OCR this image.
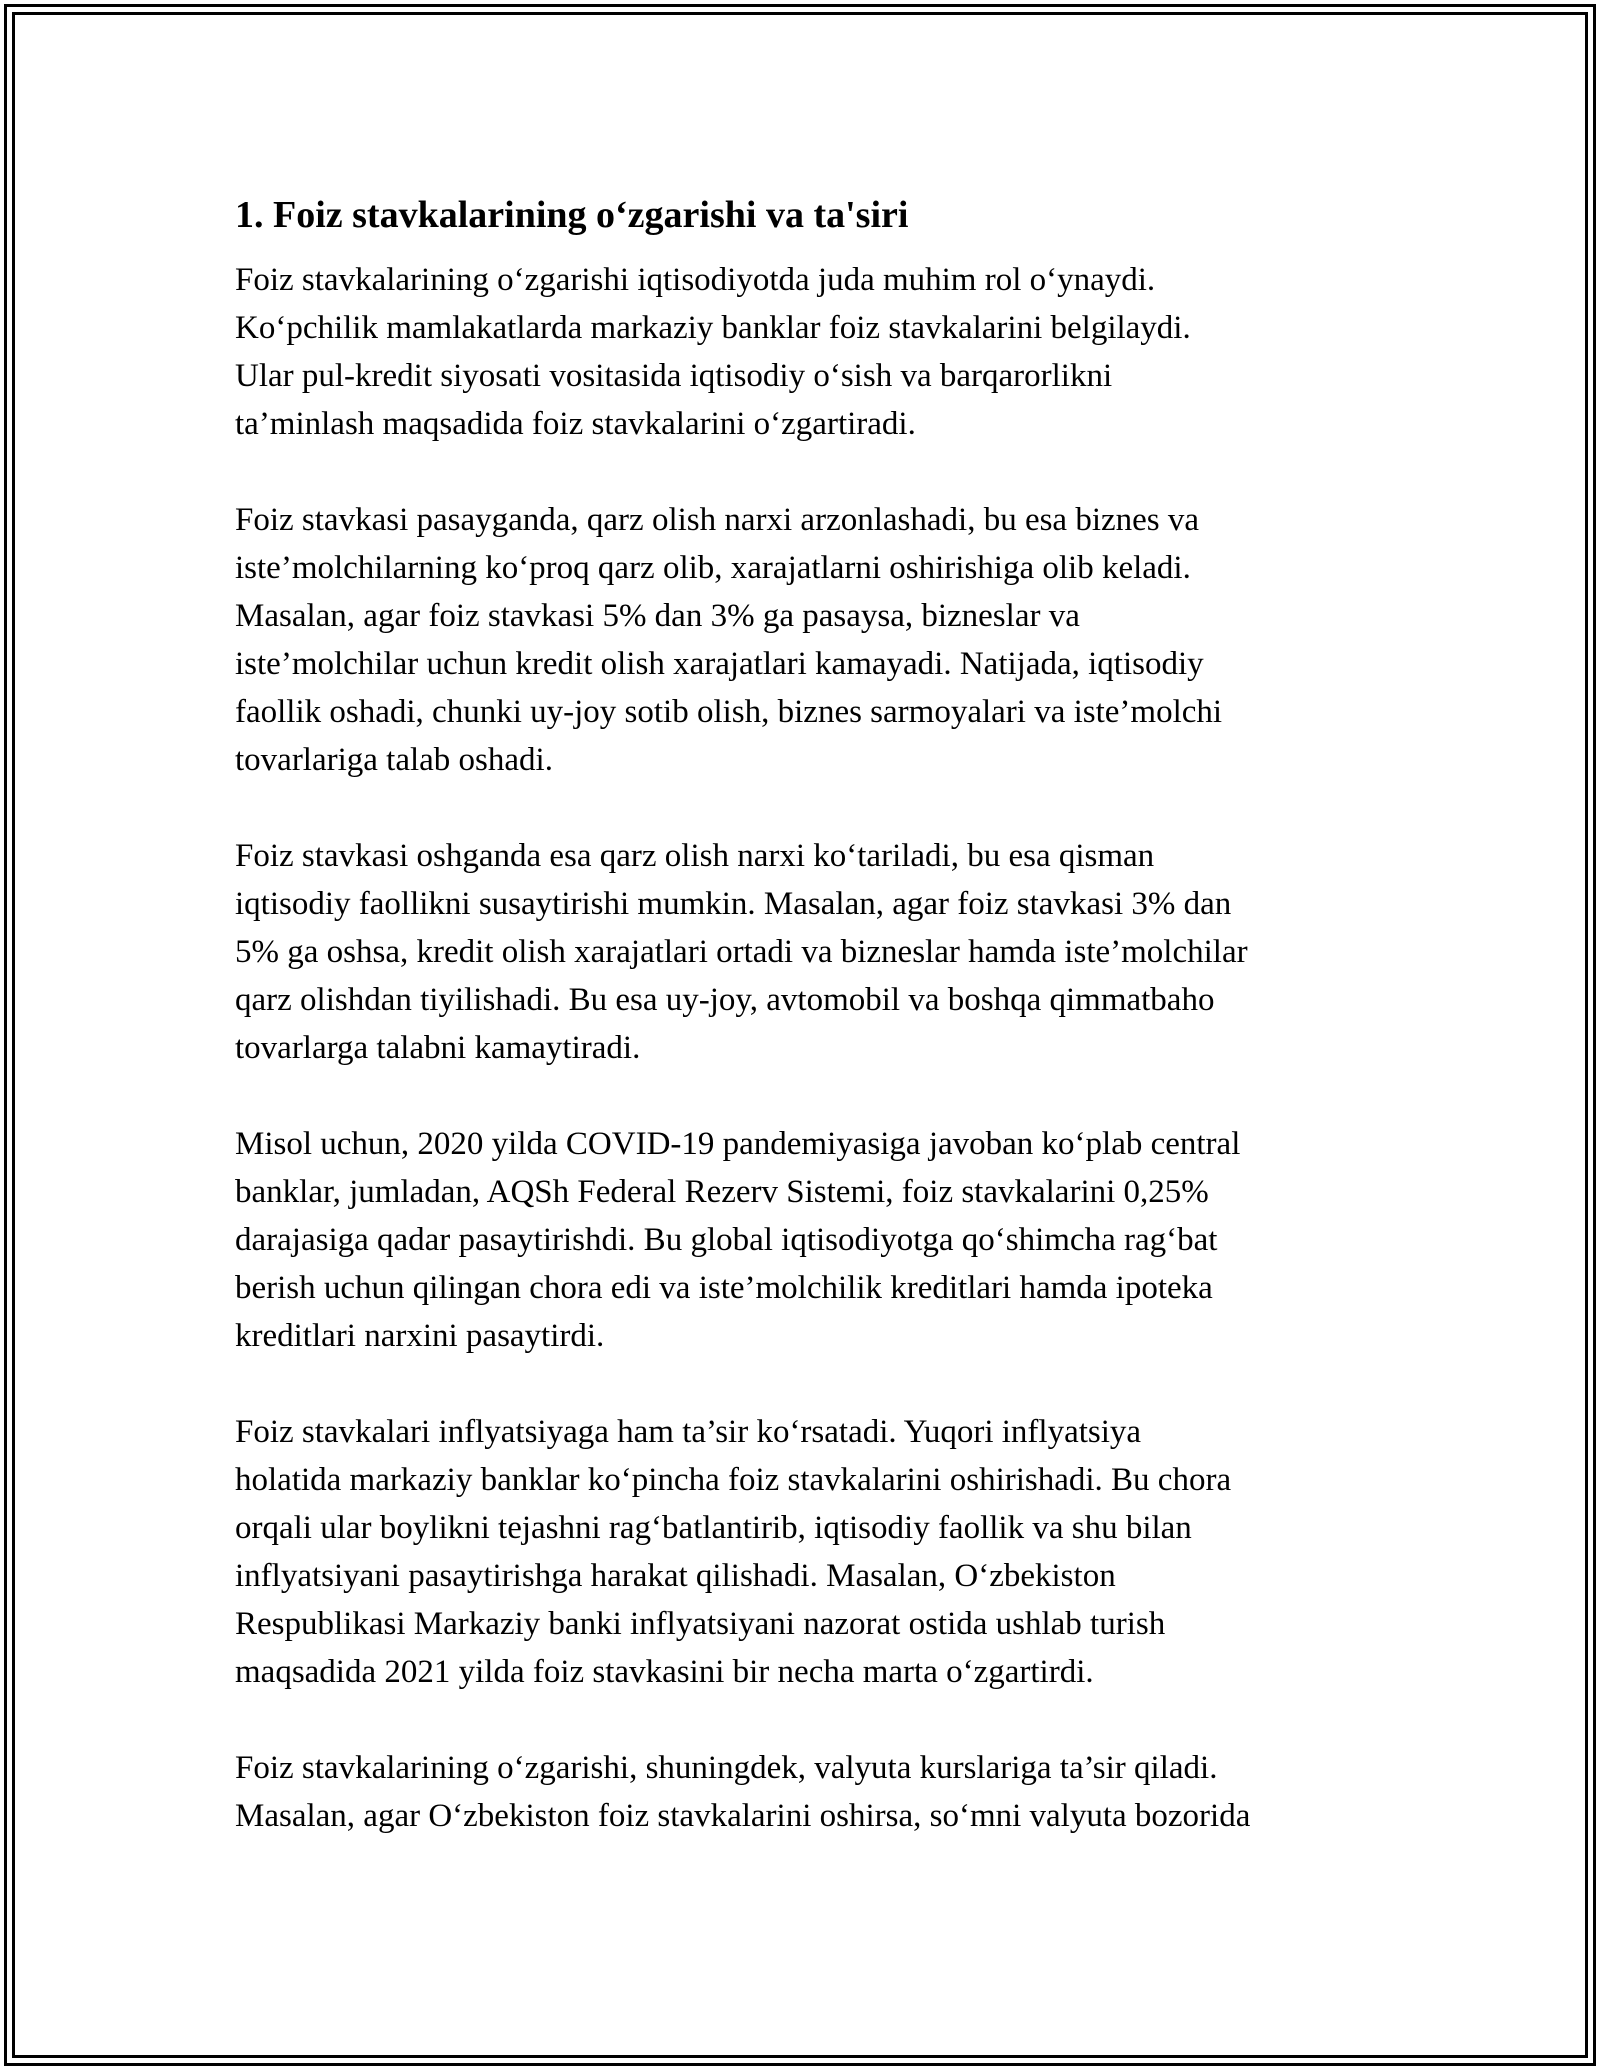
1. Foiz stavkalarining o‘zgarishi va ta'siri

Foiz stavkalarining o‘zgarishi iqtisodiyotda juda muhim rol o‘ynaydi.
Ko‘pchilik mamlakatlarda markaziy banklar foiz stavkalarini belgilaydi.
Ular pul-kredit siyosati vositasida iqtisodiy o‘sish va barqarorlikni
ta’minlash maqsadida foiz stavkalarini o‘zgartiradi.

Foiz stavkasi pasayganda, qarz olish narxi arzonlashadi, bu esa biznes va
iste’molchilarning ko‘proq qarz olib, xarajatlarni oshirishiga olib keladi.
Masalan, agar foiz stavkasi 5% dan 3% ga pasaysa, bizneslar va
iste’molchilar uchun kredit olish xarajatlari kamayadi. Natijada, iqtisodiy
faollik oshadi, chunki uy-joy sotib olish, biznes sarmoyalari va iste’molchi
tovarlariga talab oshadi.

Foiz stavkasi oshganda esa qarz olish narxi ko‘tariladi, bu esa qisman
iqtisodiy faollikni susaytirishi mumkin. Masalan, agar foiz stavkasi 3% dan
5% ga oshsa, kredit olish xarajatlari ortadi va bizneslar hamda iste’molchilar
qarz olishdan tiyilishadi. Bu esa uy-joy, avtomobil va boshqa qimmatbaho
tovarlarga talabni kamaytiradi.

Misol uchun, 2020 yilda COVID-19 pandemiyasiga javoban ko‘plab central
banklar, jumladan, AQSh Federal Rezerv Sistemi, foiz stavkalarini 0,25%
darajasiga qadar pasaytirishdi. Bu global iqtisodiyotga qo‘shimcha rag‘bat
berish uchun qilingan chora edi va iste’molchilik kreditlari hamda ipoteka
kreditlari narxini pasaytirdi.

Foiz stavkalari inflyatsiyaga ham ta’sir ko‘rsatadi. Yuqori inflyatsiya
holatida markaziy banklar ko‘pincha foiz stavkalarini oshirishadi. Bu chora
orqali ular boylikni tejashni rag‘batlantirib, iqtisodiy faollik va shu bilan
inflyatsiyani pasaytirishga harakat qilishadi. Masalan, O‘zbekiston
Respublikasi Markaziy banki inflyatsiyani nazorat ostida ushlab turish
maqsadida 2021 yilda foiz stavkasini bir necha marta o‘zgartirdi.

Foiz stavkalarining o‘zgarishi, shuningdek, valyuta kurslariga ta’sir qiladi.
Masalan, agar O‘zbekiston foiz stavkalarini oshirsa, so‘mni valyuta bozorida
